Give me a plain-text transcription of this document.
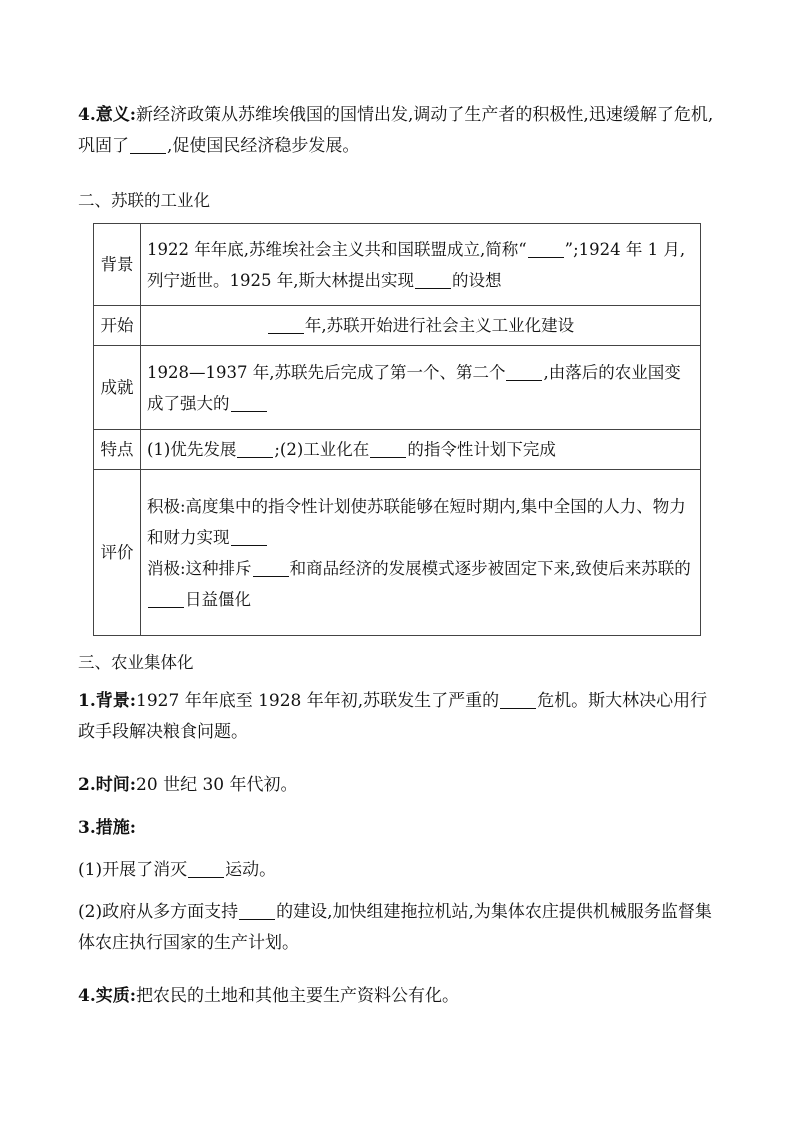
4.意义:新经济政策从苏维埃俄国的国情出发,调动了生产者的积极性,迅速缓解了危机,巩固了 ,促使国民经济稳步发展。
二、苏联的工业化
背景	1922 年年底,苏维埃社会主义共和国联盟成立,简称“ ”;1924 年 1 月,列宁逝世。1925 年,斯大林提出实现 的设想
开始	年,苏联开始进行社会主义工业化建设
成就	1928—1937 年,苏联先后完成了第一个、第二个 ,由落后的农业国变成了强大的
特点	(1)优先发展 ;(2)工业化在 的指令性计划下完成
评价	积极:高度集中的指令性计划使苏联能够在短时期内,集中全国的人力、物力和财力实现
消极:这种排斥 和商品经济的发展模式逐步被固定下来,致使后来苏联的日益僵化
三、农业集体化
1.背景:1927 年年底至 1928 年年初,苏联发生了严重的 危机。斯大林决心用行政手段解决粮食问题。
2.时间:20 世纪 30 年代初。
3.措施:
(1)开展了消灭 运动。
(2)政府从多方面支持 的建设,加快组建拖拉机站,为集体农庄提供机械服务监督集体农庄执行国家的生产计划。
4.实质:把农民的土地和其他主要生产资料公有化。
